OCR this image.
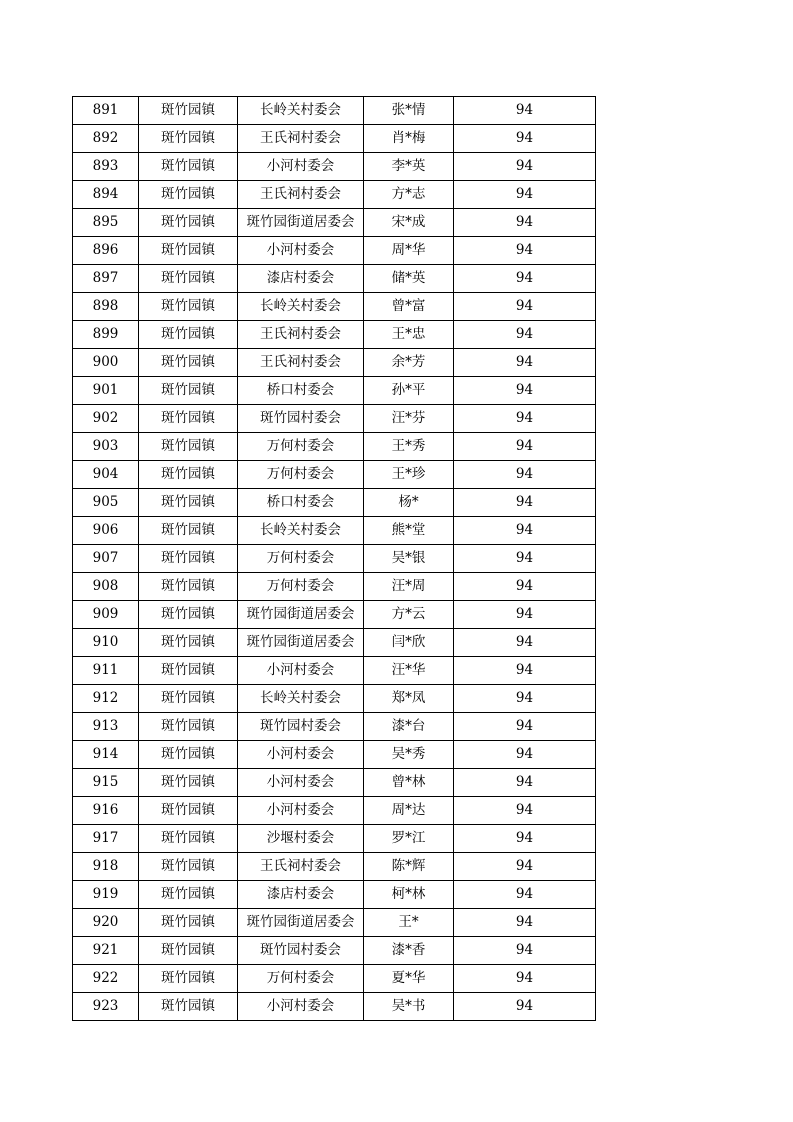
891	斑竹园镇	长岭关村委会	张*情	94
892	斑竹园镇	王氏祠村委会	肖*梅	94
893	斑竹园镇	小河村委会	李*英	94
894	斑竹园镇	王氏祠村委会	方*志	94
895	斑竹园镇	斑竹园街道居委会	宋*成	94
896	斑竹园镇	小河村委会	周*华	94
897	斑竹园镇	漆店村委会	储*英	94
898	斑竹园镇	长岭关村委会	曾*富	94
899	斑竹园镇	王氏祠村委会	王*忠	94
900	斑竹园镇	王氏祠村委会	余*芳	94
901	斑竹园镇	桥口村委会	孙*平	94
902	斑竹园镇	斑竹园村委会	汪*芬	94
903	斑竹园镇	万何村委会	王*秀	94
904	斑竹园镇	万何村委会	王*珍	94
905	斑竹园镇	桥口村委会	杨*	94
906	斑竹园镇	长岭关村委会	熊*堂	94
907	斑竹园镇	万何村委会	吴*银	94
908	斑竹园镇	万何村委会	汪*周	94
909	斑竹园镇	斑竹园街道居委会	方*云	94
910	斑竹园镇	斑竹园街道居委会	闫*欣	94
911	斑竹园镇	小河村委会	汪*华	94
912	斑竹园镇	长岭关村委会	郑*凤	94
913	斑竹园镇	斑竹园村委会	漆*台	94
914	斑竹园镇	小河村委会	吴*秀	94
915	斑竹园镇	小河村委会	曾*林	94
916	斑竹园镇	小河村委会	周*达	94
917	斑竹园镇	沙堰村委会	罗*江	94
918	斑竹园镇	王氏祠村委会	陈*辉	94
919	斑竹园镇	漆店村委会	柯*林	94
920	斑竹园镇	斑竹园街道居委会	王*	94
921	斑竹园镇	斑竹园村委会	漆*香	94
922	斑竹园镇	万何村委会	夏*华	94
923	斑竹园镇	小河村委会	吴*书	94
